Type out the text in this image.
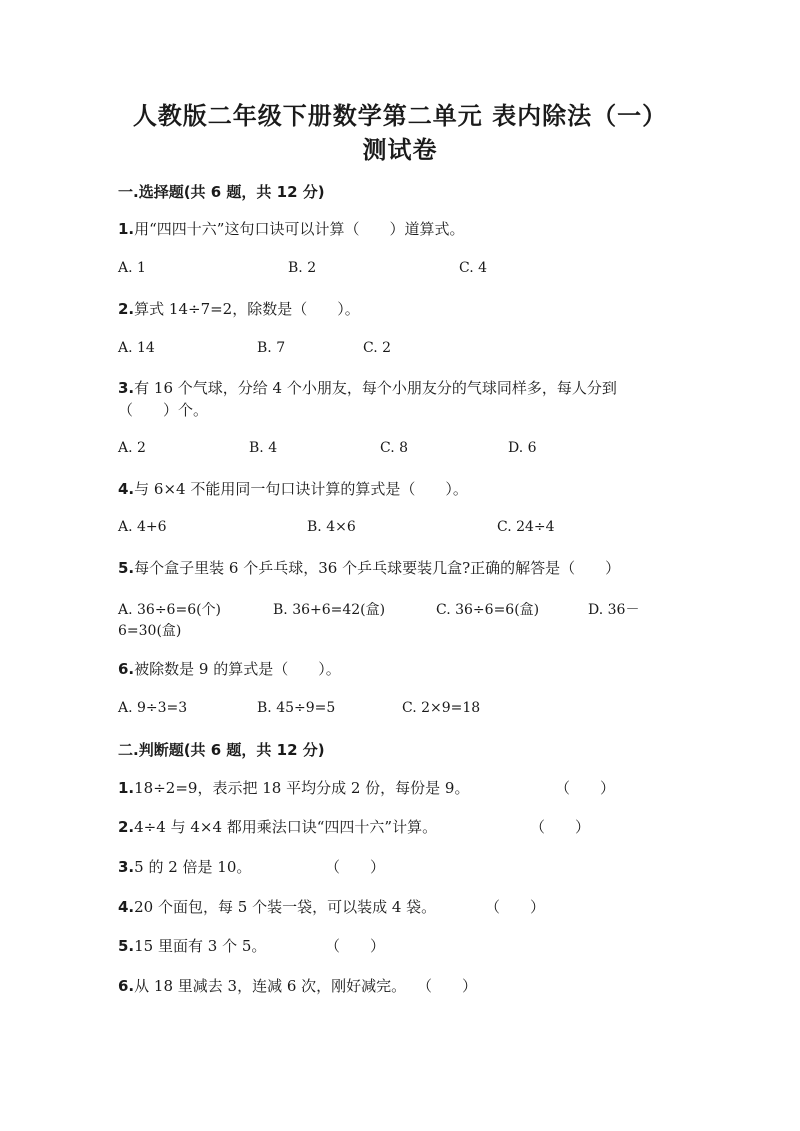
人教版二年级下册数学第二单元 表内除法（一）
测试卷
一.选择题(共 6 题，共 12 分)
1.用“四四十六”这句口诀可以计算（　　）道算式。
A. 1	B. 2	C. 4
2.算式 14÷7=2，除数是（　　）。
A. 14	B. 7	C. 2
3.有 16 个气球，分给 4 个小朋友，每个小朋友分的气球同样多，每人分到
（　　）个。
A. 2	B. 4	C. 8	D. 6
4.与 6×4 不能用同一句口诀计算的算式是（　　）。
A. 4+6	B. 4×6	C. 24÷4
5.每个盒子里装 6 个乒乓球，36 个乒乓球要装几盒?正确的解答是（　　）
A. 36÷6=6(个)	B. 36+6=42(盒)	C. 36÷6=6(盒)	D. 36－
6=30(盒)
6.被除数是 9 的算式是（　　）。
A. 9÷3=3	B. 45÷9=5	C. 2×9=18
二.判断题(共 6 题，共 12 分)
1.18÷2=9，表示把 18 平均分成 2 份，每份是 9。	（　　）
2.4÷4 与 4×4 都用乘法口诀“四四十六”计算。	（　　）
3.5 的 2 倍是 10。	（　　）
4.20 个面包，每 5 个装一袋，可以装成 4 袋。	（　　）
5.15 里面有 3 个 5。	（　　）
6.从 18 里减去 3，连减 6 次，刚好减完。 （　　）
